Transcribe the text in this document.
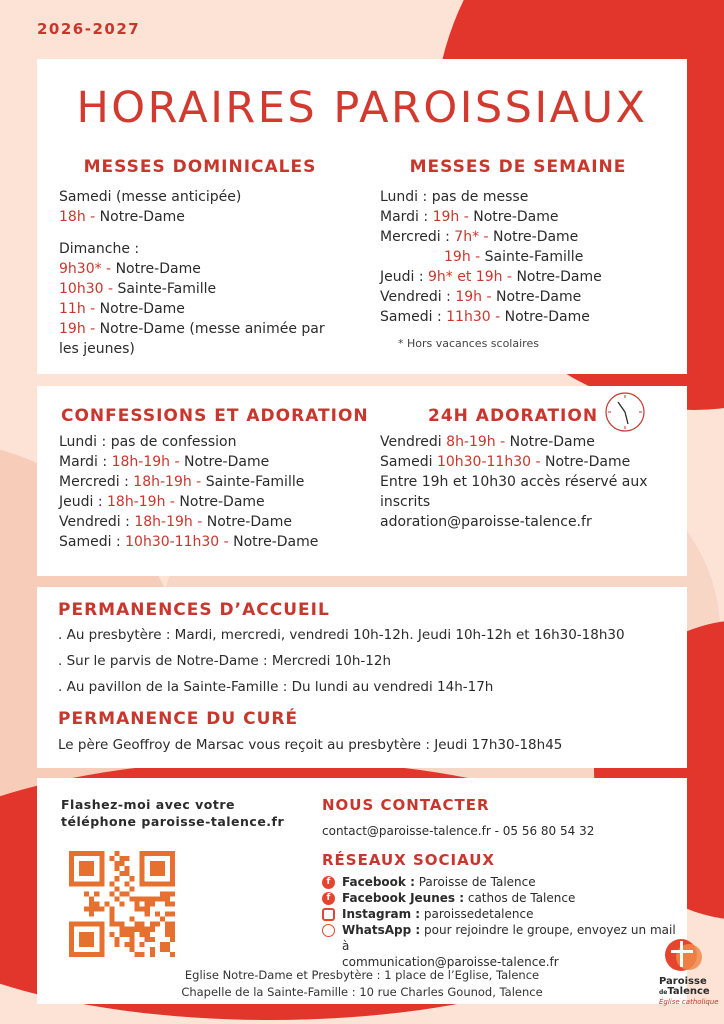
2026-2027
HORAIRES PAROISSIAUX
MESSES DOMINICALES
Samedi (messe anticipée)
18h - Notre-Dame
Dimanche :
9h30* - Notre-Dame
10h30 - Sainte-Famille
11h - Notre-Dame
19h - Notre-Dame (messe animée par
les jeunes)
MESSES DE SEMAINE
Lundi : pas de messe
Mardi : 19h - Notre-Dame
Mercredi : 7h* - Notre-Dame
19h - Sainte-Famille
Jeudi : 9h* et 19h - Notre-Dame
Vendredi : 19h - Notre-Dame
Samedi : 11h30 - Notre-Dame
* Hors vacances scolaires
CONFESSIONS ET ADORATION
Lundi : pas de confession
Mardi : 18h-19h - Notre-Dame
Mercredi : 18h-19h - Sainte-Famille
Jeudi : 18h-19h - Notre-Dame
Vendredi : 18h-19h - Notre-Dame
Samedi : 10h30-11h30 - Notre-Dame
24H ADORATION
Vendredi 8h-19h - Notre-Dame
Samedi 10h30-11h30 - Notre-Dame
Entre 19h et 10h30 accès réservé aux
inscrits
adoration@paroisse-talence.fr
PERMANENCES D’ACCUEIL
. Au presbytère : Mardi, mercredi, vendredi 10h-12h. Jeudi 10h-12h et 16h30-18h30
. Sur le parvis de Notre-Dame : Mercredi 10h-12h
. Au pavillon de la Sainte-Famille : Du lundi au vendredi 14h-17h
PERMANENCE DU CURÉ
Le père Geoffroy de Marsac vous reçoit au presbytère : Jeudi 17h30-18h45
Flashez-moi avec votre
téléphone paroisse-talence.fr
NOUS CONTACTER
contact@paroisse-talence.fr - 05 56 80 54 32
RÉSEAUX SOCIAUX
f Facebook : Paroisse de Talence
f Facebook Jeunes : cathos de Talence
Instagram : paroissedetalence
WhatsApp : pour rejoindre le groupe, envoyez un mail à
communication@paroisse-talence.fr
Eglise Notre-Dame et Presbytère : 1 place de l’Eglise, Talence
Chapelle de la Sainte-Famille : 10 rue Charles Gounod, Talence
Paroisse
deTalence
Église catholique
